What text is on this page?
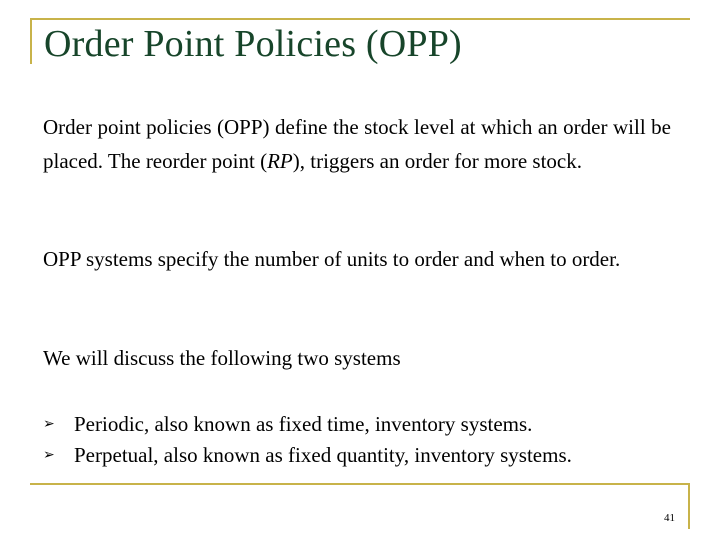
Order Point Policies (OPP)

Order point policies (OPP) define the stock level at which an order will be placed. The reorder point (RP), triggers an order for more stock.

OPP systems specify the number of units to order and when to order.

We will discuss the following two systems

➢ Periodic, also known as fixed time, inventory systems.
➢ Perpetual, also known as fixed quantity, inventory systems.
41
